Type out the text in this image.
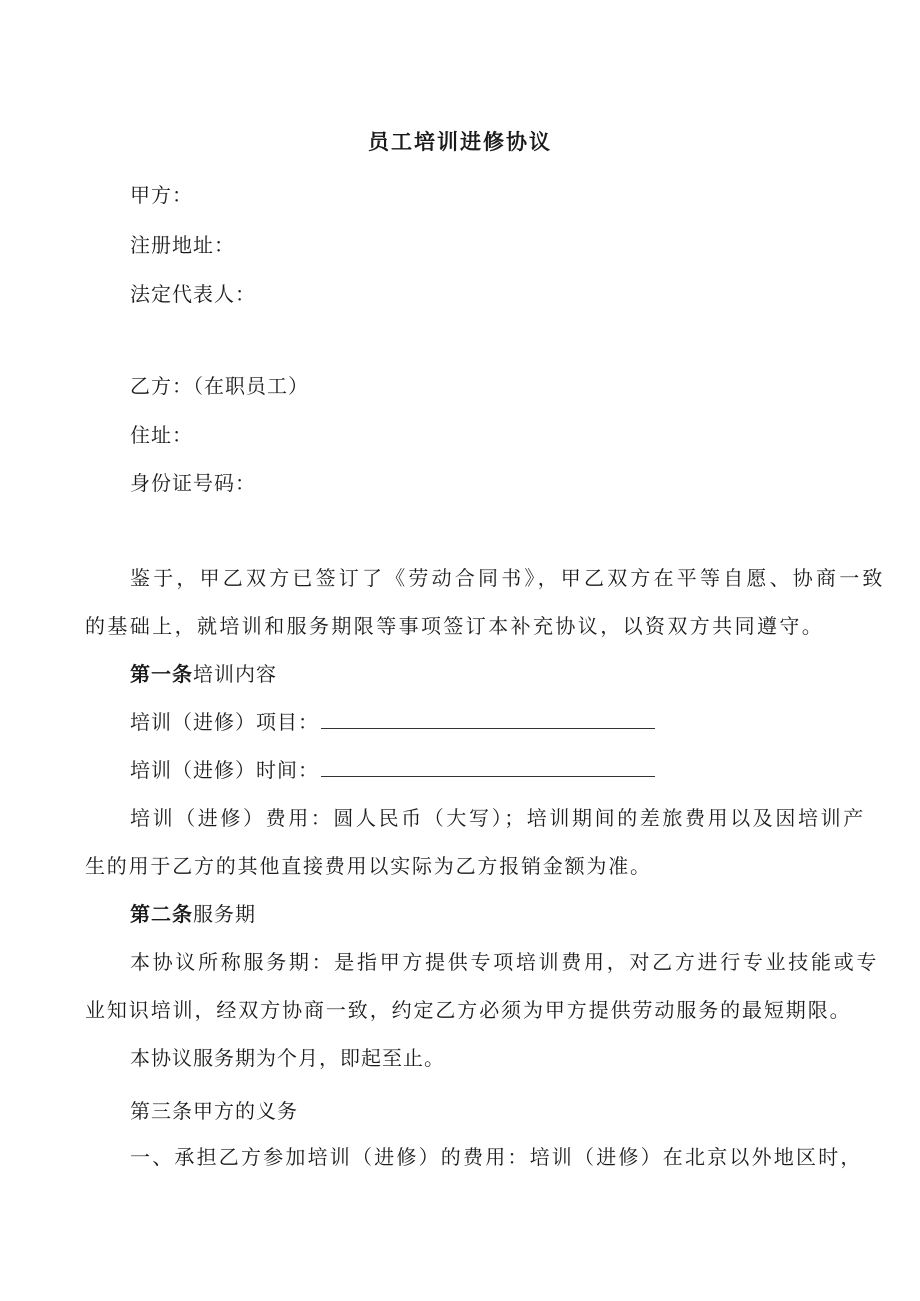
员工培训进修协议
甲方：
注册地址：
法定代表人：
乙方：（在职员工）
住址：
身份证号码：
鉴于，甲乙双方已签订了《劳动合同书》，甲乙双方在平等自愿、协商一致
的基础上，就培训和服务期限等事项签订本补充协议，以资双方共同遵守。
第一条培训内容
培训（进修）项目：
培训（进修）时间：
培训（进修）费用：圆人民币（大写）；培训期间的差旅费用以及因培训产
生的用于乙方的其他直接费用以实际为乙方报销金额为准。
第二条服务期
本协议所称服务期：是指甲方提供专项培训费用，对乙方进行专业技能或专
业知识培训，经双方协商一致，约定乙方必须为甲方提供劳动服务的最短期限。
本协议服务期为个月，即起至止。
第三条甲方的义务
一、承担乙方参加培训（进修）的费用：培训（进修）在北京以外地区时，
